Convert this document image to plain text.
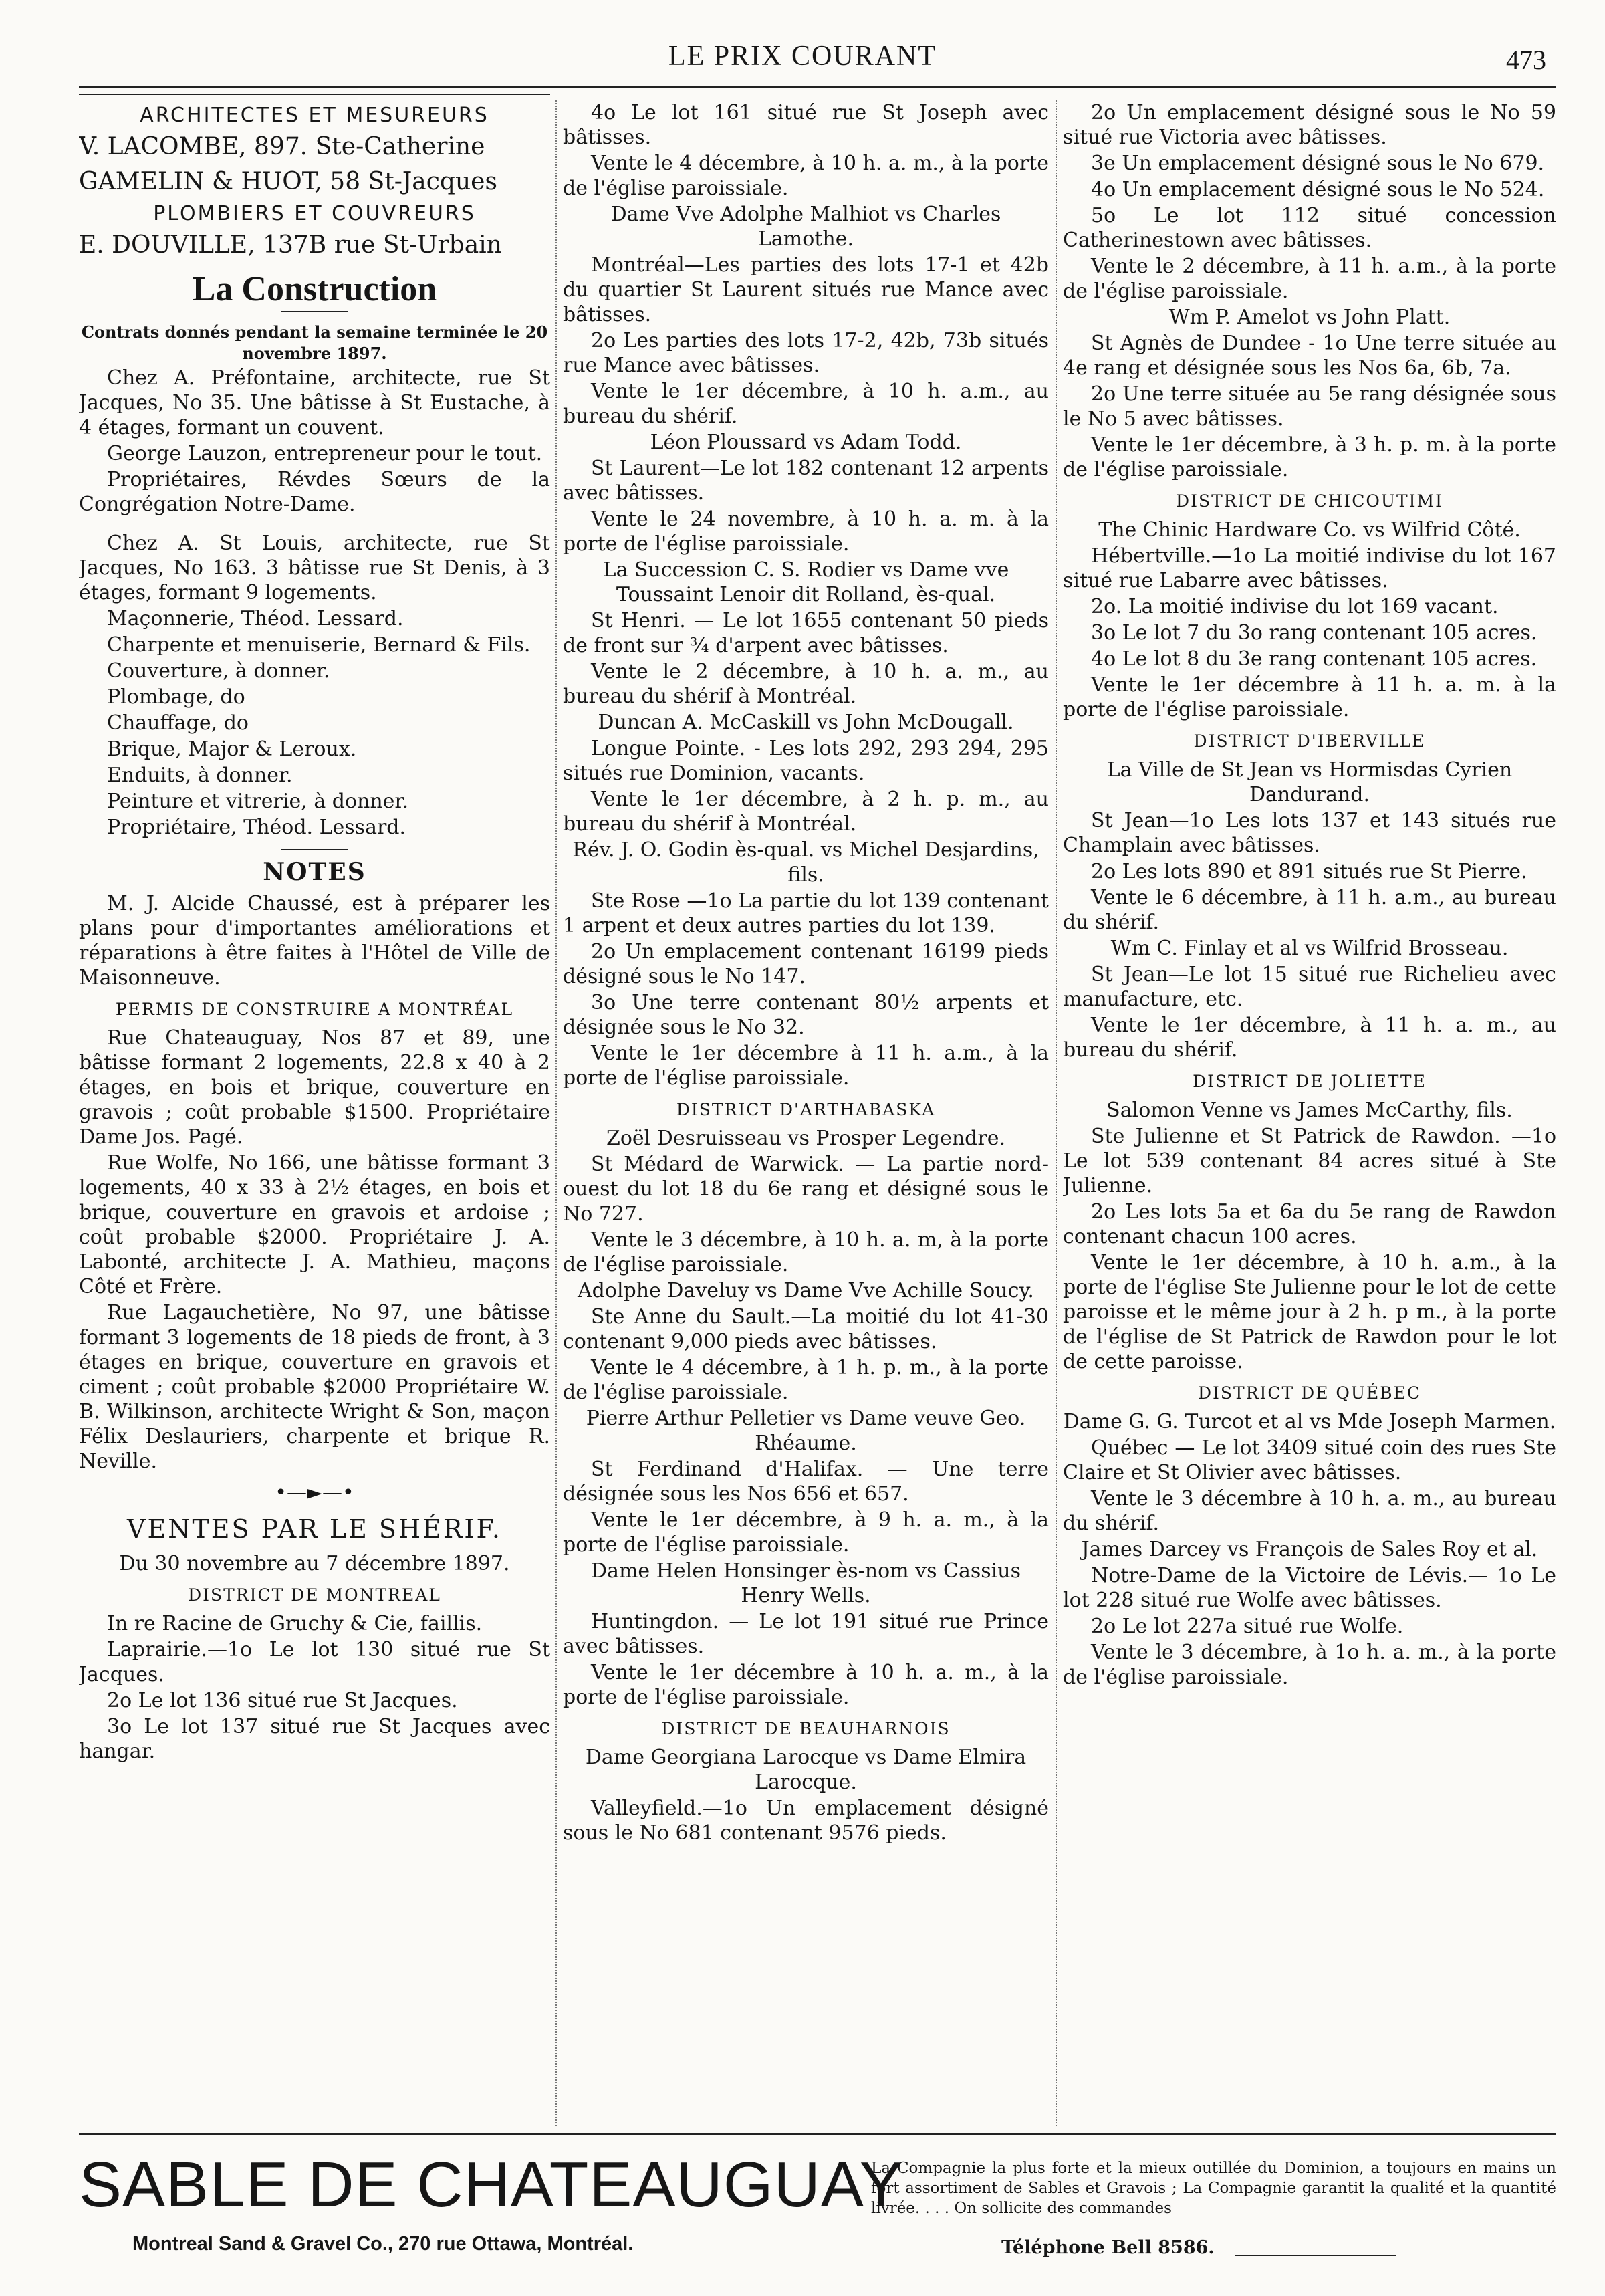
LE PRIX COURANT	473

ARCHITECTES ET MESUREURS

V. LACOMBE, 897. Ste-Catherine

GAMELIN & HUOT, 58 St-Jacques

PLOMBIERS ET COUVREURS

E. DOUVILLE, 137B rue St-Urbain

La Construction

Contrats donnés pendant la semaine terminée le 20 novembre 1897.

Chez A. Préfontaine, architecte, rue St Jacques, No 35. Une bâtisse à St Eustache, à 4 étages, formant un couvent.

George Lauzon, entrepreneur pour le tout.

Propriétaires, Révdes Sœurs de la Congrégation Notre-Dame.

Chez A. St Louis, architecte, rue St Jacques, No 163. 3 bâtisse rue St Denis, à 3 étages, formant 9 logements.

Maçonnerie, Théod. Lessard.

Charpente et menuiserie, Bernard & Fils.

Couverture, à donner.

Plombage, do

Chauffage, do

Brique, Major & Leroux.

Enduits, à donner.

Peinture et vitrerie, à donner.

Propriétaire, Théod. Lessard.

NOTES

M. J. Alcide Chaussé, est à préparer les plans pour d'importantes améliorations et réparations à être faites à l'Hôtel de Ville de Maisonneuve.

PERMIS DE CONSTRUIRE A MONTRÉAL

Rue Chateauguay, Nos 87 et 89, une bâtisse formant 2 logements, 22.8 x 40 à 2 étages, en bois et brique, couverture en gravois ; coût probable $1500. Propriétaire Dame Jos. Pagé.

Rue Wolfe, No 166, une bâtisse formant 3 logements, 40 x 33 à 2½ étages, en bois et brique, couverture en gravois et ardoise ; coût probable $2000. Propriétaire J. A. Labonté, architecte J. A. Mathieu, maçons Côté et Frère.

Rue Lagauchetière, No 97, une bâtisse formant 3 logements de 18 pieds de front, à 3 étages en brique, couverture en gravois et ciment ; coût probable $2000 Propriétaire W. B. Wilkinson, architecte Wright & Son, maçon Félix Deslauriers, charpente et brique R. Neville.

•—►—•

VENTES PAR LE SHÉRIF.

Du 30 novembre au 7 décembre 1897.

DISTRICT DE MONTREAL

In re Racine de Gruchy & Cie, faillis.

Laprairie.—1o Le lot 130 situé rue St Jacques.

2o Le lot 136 situé rue St Jacques.

3o Le lot 137 situé rue St Jacques avec hangar.

4o Le lot 161 situé rue St Joseph avec bâtisses.

Vente le 4 décembre, à 10 h. a. m., à la porte de l'église paroissiale.

Dame Vve Adolphe Malhiot vs Charles Lamothe.

Montréal—Les parties des lots 17-1 et 42b du quartier St Laurent situés rue Mance avec bâtisses.

2o Les parties des lots 17-2, 42b, 73b situés rue Mance avec bâtisses.

Vente le 1er décembre, à 10 h. a.m., au bureau du shérif.

Léon Ploussard vs Adam Todd.

St Laurent—Le lot 182 contenant 12 arpents avec bâtisses.

Vente le 24 novembre, à 10 h. a. m. à la porte de l'église paroissiale.

La Succession C. S. Rodier vs Dame vve Toussaint Lenoir dit Rolland, ès-qual.

St Henri. — Le lot 1655 contenant 50 pieds de front sur ¾ d'arpent avec bâtisses.

Vente le 2 décembre, à 10 h. a. m., au bureau du shérif à Montréal.

Duncan A. McCaskill vs John McDougall.

Longue Pointe. - Les lots 292, 293 294, 295 situés rue Dominion, vacants.

Vente le 1er décembre, à 2 h. p. m., au bureau du shérif à Montréal.

Rév. J. O. Godin ès-qual. vs Michel Desjardins, fils.

Ste Rose —1o La partie du lot 139 contenant 1 arpent et deux autres parties du lot 139.

2o Un emplacement contenant 16199 pieds désigné sous le No 147.

3o Une terre contenant 80½ arpents et désignée sous le No 32.

Vente le 1er décembre à 11 h. a.m., à la porte de l'église paroissiale.

DISTRICT D'ARTHABASKA

Zoël Desruisseau vs Prosper Legendre.

St Médard de Warwick. — La partie nord-ouest du lot 18 du 6e rang et désigné sous le No 727.

Vente le 3 décembre, à 10 h. a. m, à la porte de l'église paroissiale.

Adolphe Daveluy vs Dame Vve Achille Soucy.

Ste Anne du Sault.—La moitié du lot 41-30 contenant 9,000 pieds avec bâtisses.

Vente le 4 décembre, à 1 h. p. m., à la porte de l'église paroissiale.

Pierre Arthur Pelletier vs Dame veuve Geo. Rhéaume.

St Ferdinand d'Halifax. — Une terre désignée sous les Nos 656 et 657.

Vente le 1er décembre, à 9 h. a. m., à la porte de l'église paroissiale.

Dame Helen Honsinger ès-nom vs Cassius Henry Wells.

Huntingdon. — Le lot 191 situé rue Prince avec bâtisses.

Vente le 1er décembre à 10 h. a. m., à la porte de l'église paroissiale.

DISTRICT DE BEAUHARNOIS

Dame Georgiana Larocque vs Dame Elmira Larocque.

Valleyfield.—1o Un emplacement désigné sous le No 681 contenant 9576 pieds.

2o Un emplacement désigné sous le No 59 situé rue Victoria avec bâtisses.

3e Un emplacement désigné sous le No 679.

4o Un emplacement désigné sous le No 524.

5o Le lot 112 situé concession Catherinestown avec bâtisses.

Vente le 2 décembre, à 11 h. a.m., à la porte de l'église paroissiale.

Wm P. Amelot vs John Platt.

St Agnès de Dundee - 1o Une terre située au 4e rang et désignée sous les Nos 6a, 6b, 7a.

2o Une terre située au 5e rang désignée sous le No 5 avec bâtisses.

Vente le 1er décembre, à 3 h. p. m. à la porte de l'église paroissiale.

DISTRICT DE CHICOUTIMI

The Chinic Hardware Co. vs Wilfrid Côté.

Hébertville.—1o La moitié indivise du lot 167 situé rue Labarre avec bâtisses.

2o. La moitié indivise du lot 169 vacant.

3o Le lot 7 du 3o rang contenant 105 acres.

4o Le lot 8 du 3e rang contenant 105 acres.

Vente le 1er décembre à 11 h. a. m. à la porte de l'église paroissiale.

DISTRICT D'IBERVILLE

La Ville de St Jean vs Hormisdas Cyrien Dandurand.

St Jean—1o Les lots 137 et 143 situés rue Champlain avec bâtisses.

2o Les lots 890 et 891 situés rue St Pierre.

Vente le 6 décembre, à 11 h. a.m., au bureau du shérif.

Wm C. Finlay et al vs Wilfrid Brosseau.

St Jean—Le lot 15 situé rue Richelieu avec manufacture, etc.

Vente le 1er décembre, à 11 h. a. m., au bureau du shérif.

DISTRICT DE JOLIETTE

Salomon Venne vs James McCarthy, fils.

Ste Julienne et St Patrick de Rawdon. —1o Le lot 539 contenant 84 acres situé à Ste Julienne.

2o Les lots 5a et 6a du 5e rang de Rawdon contenant chacun 100 acres.

Vente le 1er décembre, à 10 h. a.m., à la porte de l'église Ste Julienne pour le lot de cette paroisse et le même jour à 2 h. p m., à la porte de l'église de St Patrick de Rawdon pour le lot de cette paroisse.

DISTRICT DE QUÉBEC

Dame G. G. Turcot et al vs Mde Joseph Marmen.

Québec — Le lot 3409 situé coin des rues Ste Claire et St Olivier avec bâtisses.

Vente le 3 décembre à 10 h. a. m., au bureau du shérif.

James Darcey vs François de Sales Roy et al.

Notre-Dame de la Victoire de Lévis.— 1o Le lot 228 situé rue Wolfe avec bâtisses.

2o Le lot 227a situé rue Wolfe.

Vente le 3 décembre, à 1o h. a. m., à la porte de l'église paroissiale.

SABLE DE CHATEAUGUAY
La Compagnie la plus forte et la mieux outillée du Dominion, a toujours en mains un fort assortiment de Sables et Gravois ; La Compagnie garantit la qualité et la quantité livrée. . . . On sollicite des commandes
Montreal Sand & Gravel Co., 270 rue Ottawa, Montréal.	Téléphone Bell 8586.
